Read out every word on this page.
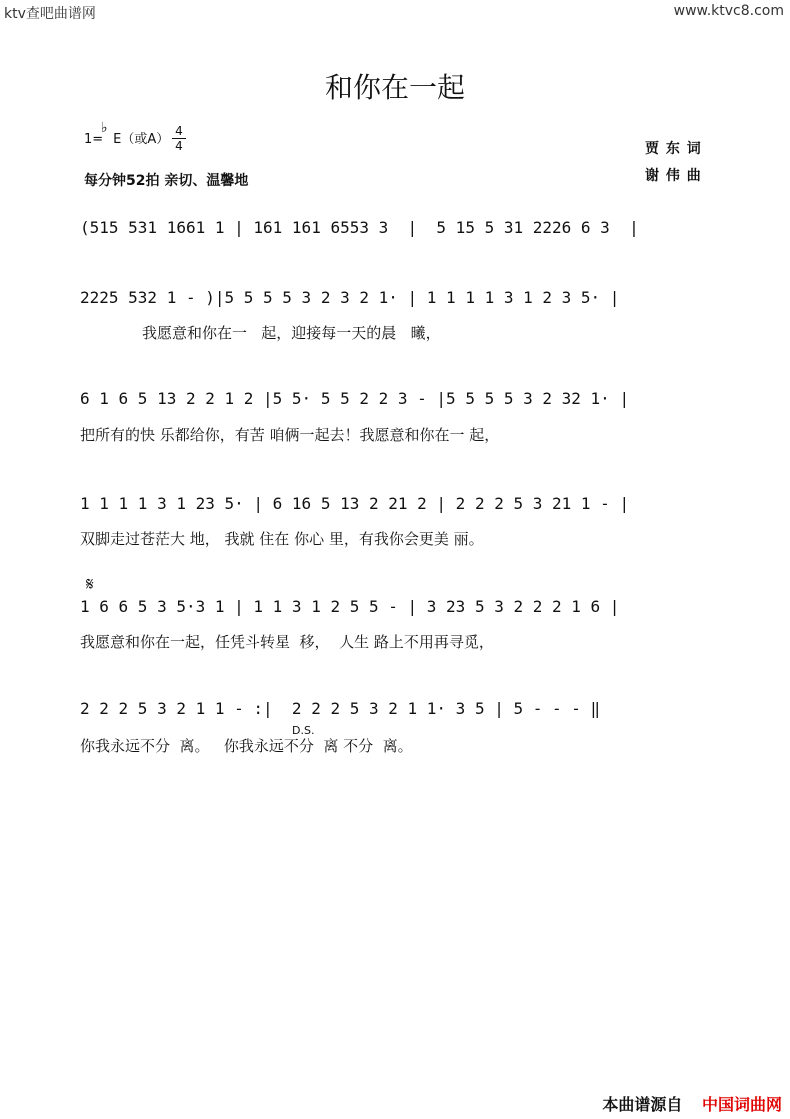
ktv查吧曲谱网	www.ktvc8.com
和你在一起
1= E（或A）
♭	4
4
每分钟52拍 亲切、温馨地
贾 东 词
谢 伟 曲
(515 531 1661 1 | 161 161 6553 3  |  5 15 5 31 2226 6 3  |
2225 532 1 - )|5 5 5 5 3 2 3 2 1· | 1 1 1 1 3 1 2 3 5· |
我愿意和你在一   起，迎接每一天的晨   曦，
6 1 6 5 13 2 2 1 2 |5 5· 5 5 2 2 3 - |5 5 5 5 3 2 32 1· |
把所有的快 乐都给你，有苦 咱俩一起去！我愿意和你在一 起，
1 1 1 1 3 1 23 5· | 6 16 5 13 2 21 2 | 2 2 2 5 3 21 1 - |
双脚走过苍茫大 地， 我就 住在 你心 里，有我你会更美 丽。
𝄋
1 6 6 5 3 5·3 1 | 1 1 3 1 2 5 5 - | 3 23 5 3 2 2 2 1 6 |
我愿意和你在一起，任凭斗转星  移，  人生 路上不用再寻觅，
2 2 2 5 3 2 1 1 - :|  2 2 2 5 3 2 1 1· 3 5 | 5 - - - ‖
D.S.
你我永远不分  离。   你我永远不分  离 不分  离。
本曲谱源自 中国词曲网
